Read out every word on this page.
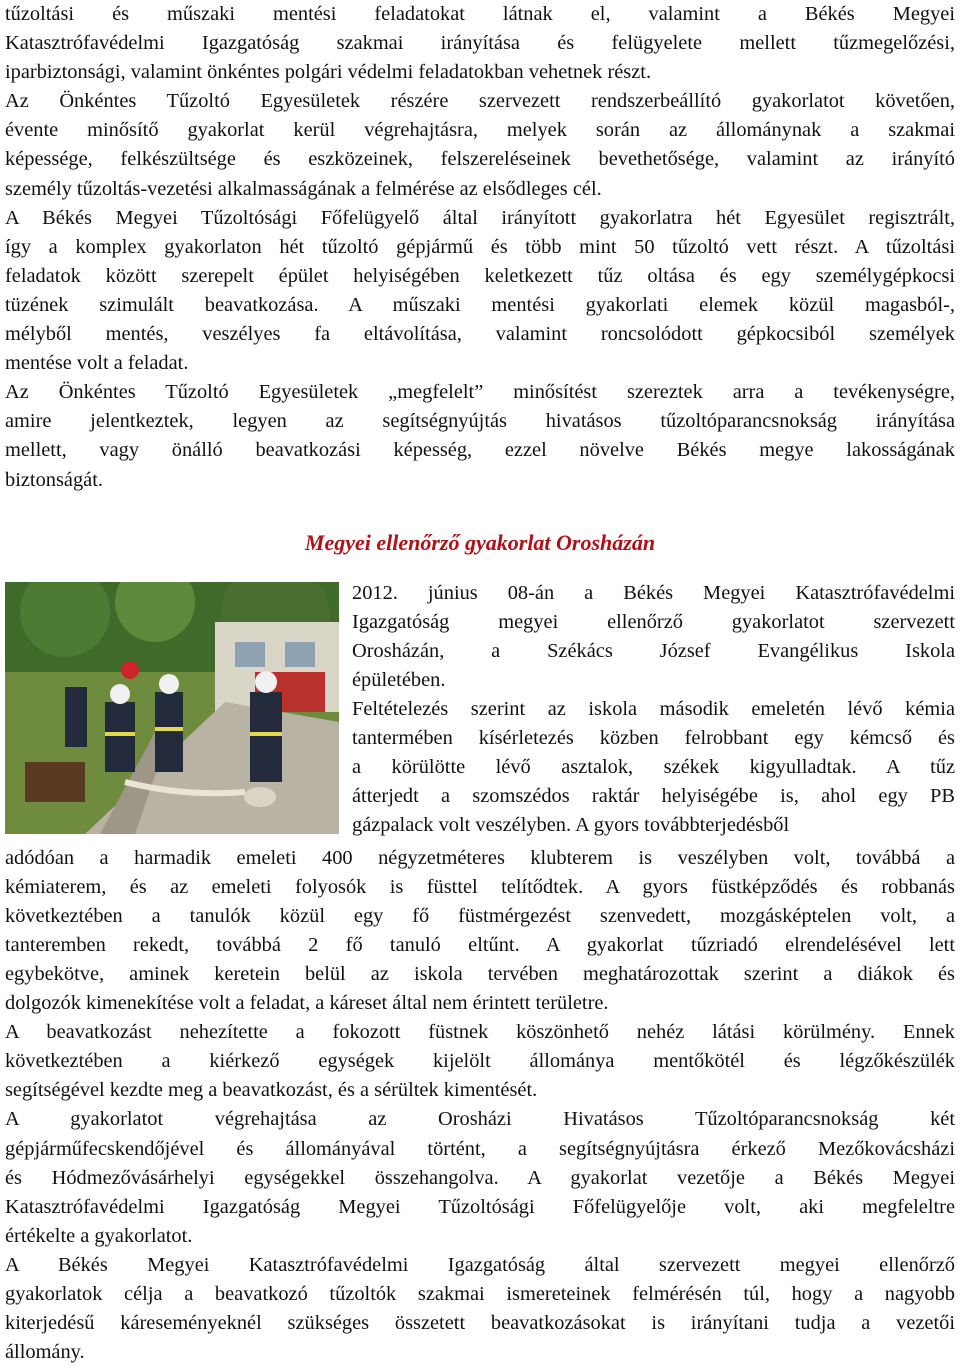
tűzoltási és műszaki mentési feladatokat látnak el, valamint a Békés Megyei
Katasztrófavédelmi Igazgatóság szakmai irányítása és felügyelete mellett tűzmegelőzési,
iparbiztonsági, valamint önkéntes polgári védelmi feladatokban vehetnek részt.

Az Önkéntes Tűzoltó Egyesületek részére szervezett rendszerbeállító gyakorlatot követően,
évente minősítő gyakorlat kerül végrehajtásra, melyek során az állománynak a szakmai
képessége, felkészültsége és eszközeinek, felszereléseinek bevethetősége, valamint az irányító
személy tűzoltás-vezetési alkalmasságának a felmérése az elsődleges cél.

A Békés Megyei Tűzoltósági Főfelügyelő által irányított gyakorlatra hét Egyesület regisztrált,
így a komplex gyakorlaton hét tűzoltó gépjármű és több mint 50 tűzoltó vett részt. A tűzoltási
feladatok között szerepelt épület helyiségében keletkezett tűz oltása és egy személygépkocsi
tüzének szimulált beavatkozása. A műszaki mentési gyakorlati elemek közül magasból-,
mélyből mentés, veszélyes fa eltávolítása, valamint roncsolódott gépkocsiból személyek
mentése volt a feladat.

Az Önkéntes Tűzoltó Egyesületek „megfelelt” minősítést szereztek arra a tevékenységre,
amire jelentkeztek, legyen az segítségnyújtás hivatásos tűzoltóparancsnokság irányítása
mellett, vagy önálló beavatkozási képesség, ezzel növelve Békés megye lakosságának
biztonságát.

Megyei ellenőrző gyakorlat Orosházán

2012. június 08-án a Békés Megyei Katasztrófavédelmi
Igazgatóság megyei ellenőrző gyakorlatot szervezett
Orosházán, a Székács József Evangélikus Iskola
épületében.

Feltételezés szerint az iskola második emeletén lévő kémia
tantermében kísérletezés közben felrobbant egy kémcső és
a körülötte lévő asztalok, székek kigyulladtak. A tűz
átterjedt a szomszédos raktár helyiségébe is, ahol egy PB
gázpalack volt veszélyben. A gyors továbbterjedésből

adódóan a harmadik emeleti 400 négyzetméteres klubterem is veszélyben volt, továbbá a
kémiaterem, és az emeleti folyosók is füsttel telítődtek. A gyors füstképződés és robbanás
következtében a tanulók közül egy fő füstmérgezést szenvedett, mozgásképtelen volt, a
tanteremben rekedt, továbbá 2 fő tanuló eltűnt. A gyakorlat tűzriadó elrendelésével lett
egybekötve, aminek keretein belül az iskola tervében meghatározottak szerint a diákok és
dolgozók kimenekítése volt a feladat, a káreset által nem érintett területre.

A beavatkozást nehezítette a fokozott füstnek köszönhető nehéz látási körülmény. Ennek
következtében a kiérkező egységek kijelölt állománya mentőkötél és légzőkészülék
segítségével kezdte meg a beavatkozást, és a sérültek kimentését.

A gyakorlatot végrehajtása az Orosházi Hivatásos Tűzoltóparancsnokság két
gépjárműfecskendőjével és állományával történt, a segítségnyújtásra érkező Mezőkovácsházi
és Hódmezővásárhelyi egységekkel összehangolva. A gyakorlat vezetője a Békés Megyei
Katasztrófavédelmi Igazgatóság Megyei Tűzoltósági Főfelügyelője volt, aki megfeleltre
értékelte a gyakorlatot.

A Békés Megyei Katasztrófavédelmi Igazgatóság által szervezett megyei ellenőrző
gyakorlatok célja a beavatkozó tűzoltók szakmai ismereteinek felmérésén túl, hogy a nagyobb
kiterjedésű káreseményeknél szükséges összetett beavatkozásokat is irányítani tudja a vezetői
állomány.
